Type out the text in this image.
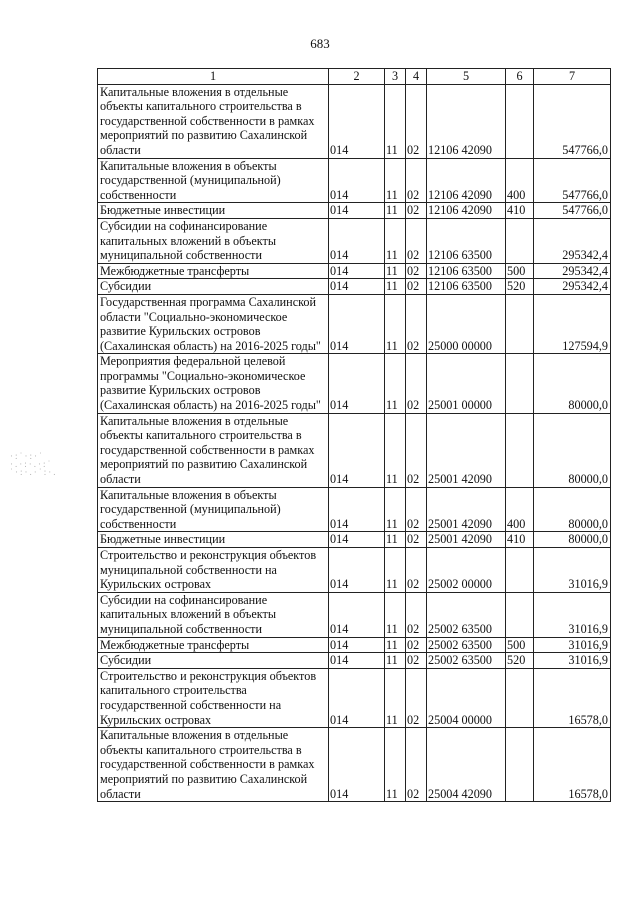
683
·:˙·:·˙ ·.·:·.·:˙ ˙·:·.·˙:·.
1	2	3	4	5	6	7
Капитальные вложения в отдельные объекты капитального строительства в государственной собственности в рамках мероприятий по развитию Сахалинской области	014	11	02	12106 42090		547766,0
Капитальные вложения в объекты государственной (муниципальной) собственности	014	11	02	12106 42090	400	547766,0
Бюджетные инвестиции	014	11	02	12106 42090	410	547766,0
Субсидии на софинансирование капитальных вложений в объекты муниципальной собственности	014	11	02	12106 63500		295342,4
Межбюджетные трансферты	014	11	02	12106 63500	500	295342,4
Субсидии	014	11	02	12106 63500	520	295342,4
Государственная программа Сахалинской области "Социально-экономическое развитие Курильских островов (Сахалинская область) на 2016-2025 годы"	014	11	02	25000 00000		127594,9
Мероприятия федеральной целевой программы "Социально-экономическое развитие Курильских островов (Сахалинская область) на 2016-2025 годы"	014	11	02	25001 00000		80000,0
Капитальные вложения в отдельные объекты капитального строительства в государственной собственности в рамках мероприятий по развитию Сахалинской области	014	11	02	25001 42090		80000,0
Капитальные вложения в объекты государственной (муниципальной) собственности	014	11	02	25001 42090	400	80000,0
Бюджетные инвестиции	014	11	02	25001 42090	410	80000,0
Строительство и реконструкция объектов муниципальной собственности на Курильских островах	014	11	02	25002 00000		31016,9
Субсидии на софинансирование капитальных вложений в объекты муниципальной собственности	014	11	02	25002 63500		31016,9
Межбюджетные трансферты	014	11	02	25002 63500	500	31016,9
Субсидии	014	11	02	25002 63500	520	31016,9
Строительство и реконструкция объектов капитального строительства государственной собственности на Курильских островах	014	11	02	25004 00000		16578,0
Капитальные вложения в отдельные объекты капитального строительства в государственной собственности в рамках мероприятий по развитию Сахалинской области	014	11	02	25004 42090		16578,0
